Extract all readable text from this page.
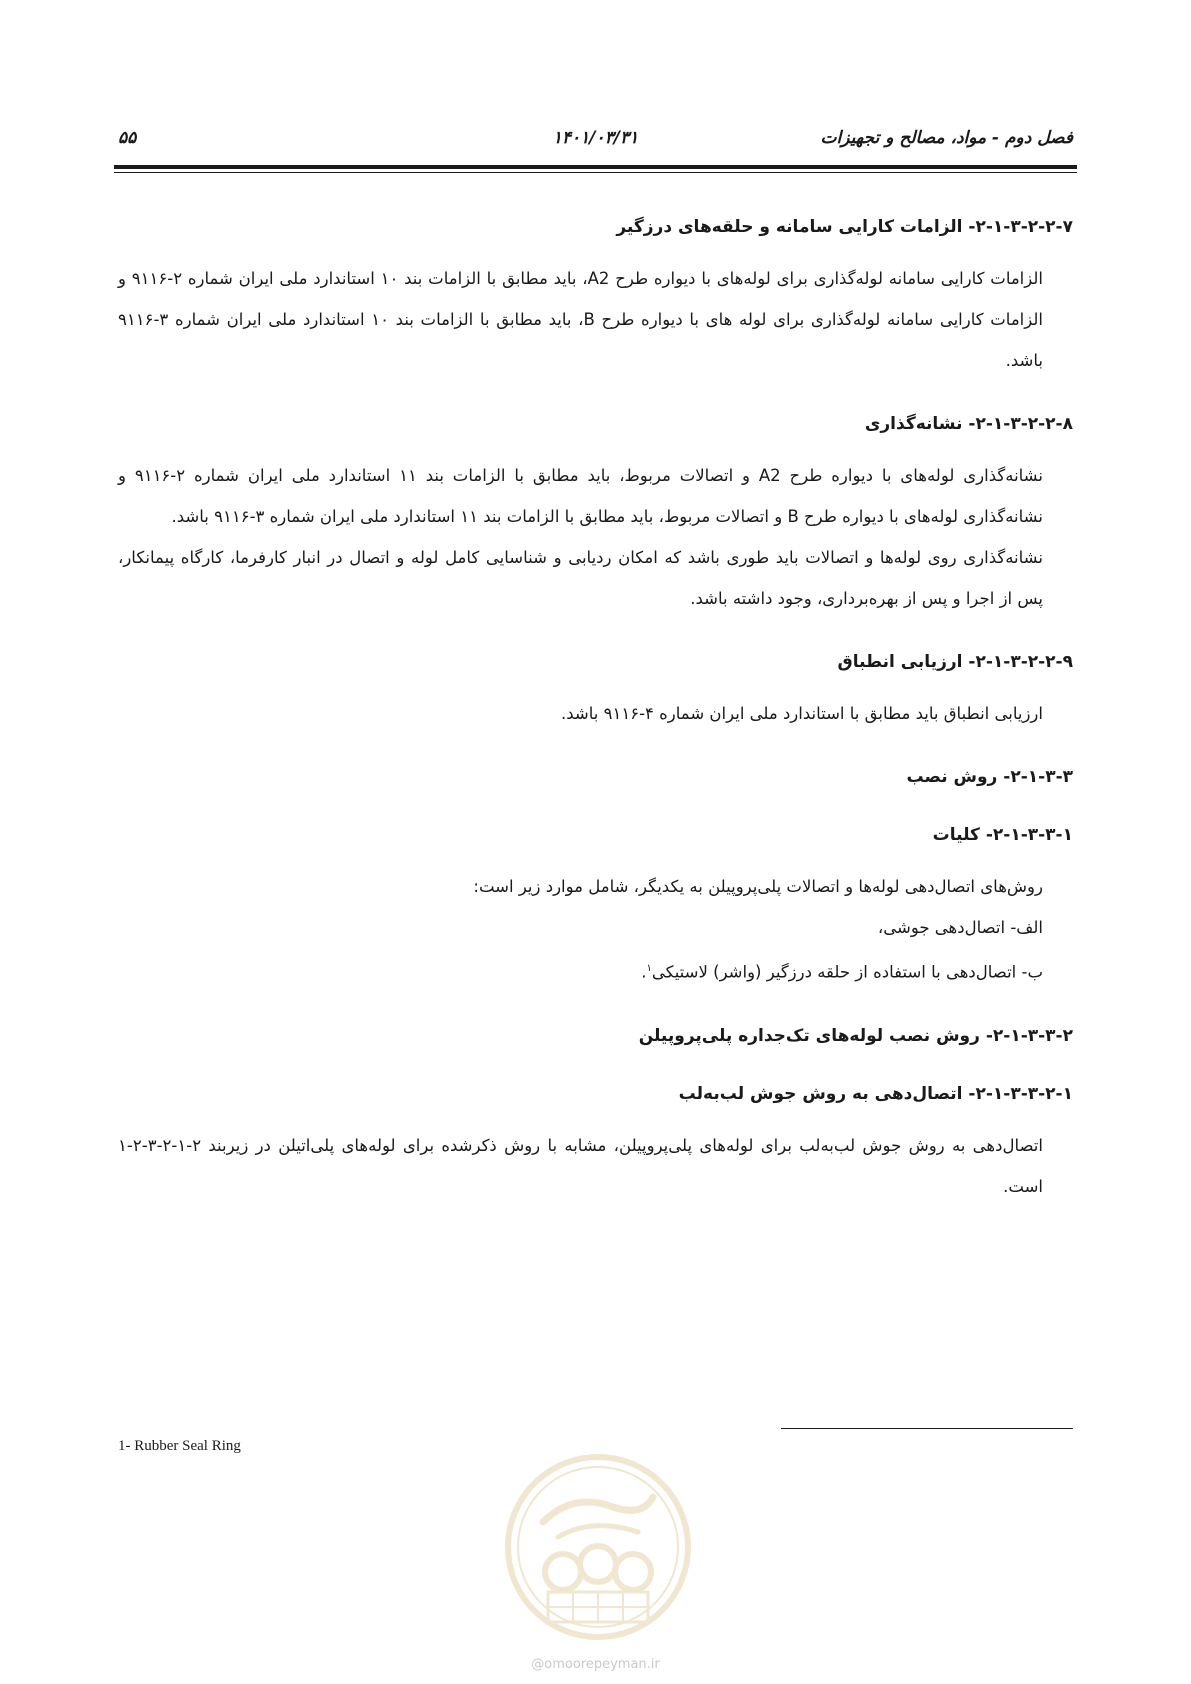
فصل دوم - مواد، مصالح و تجهیزات
۱۴۰۱/۰۳/۳۱
۵۵
۲-۱-۳-۲-۲-۷- الزامات کارایی سامانه و حلقه‌های درزگیر

الزامات کارایی سامانه لوله‌گذاری برای لوله‌های با دیواره طرح A2، باید مطابق با الزامات بند ۱۰ استاندارد ملی ایران شماره ۲-۹۱۱۶ و الزامات کارایی سامانه لوله‌گذاری برای لوله های با دیواره طرح B، باید مطابق با الزامات بند ۱۰ استاندارد ملی ایران شماره ۳-۹۱۱۶ باشد.

۲-۱-۳-۲-۲-۸- نشانه‌گذاری

نشانه‌گذاری لوله‌های با دیواره طرح A2 و اتصالات مربوط، باید مطابق با الزامات بند ۱۱ استاندارد ملی ایران شماره ۲-۹۱۱۶ و نشانه‌گذاری لوله‌های با دیواره طرح B و اتصالات مربوط، باید مطابق با الزامات بند ۱۱ استاندارد ملی ایران شماره ۳-۹۱۱۶ باشد.

نشانه‌گذاری روی لوله‌ها و اتصالات باید طوری باشد که امکان ردیابی و شناسایی کامل لوله و اتصال در انبار کارفرما، کارگاه پیمانکار، پس از اجرا و پس از بهره‌برداری، وجود داشته باشد.

۲-۱-۳-۲-۲-۹- ارزیابی انطباق

ارزیابی انطباق باید مطابق با استاندارد ملی ایران شماره ۴-۹۱۱۶ باشد.

۲-۱-۳-۳- روش نصب
۲-۱-۳-۳-۱- کلیات

روش‌های اتصال‌دهی لوله‌ها و اتصالات پلی‌پروپیلن به یکدیگر، شامل موارد زیر است:

الف- اتصال‌دهی جوشی،

ب- اتصال‌دهی با استفاده از حلقه درزگیر (واشر) لاستیکی$^۱$.

۲-۱-۳-۳-۲- روش نصب لوله‌های تک‌جداره پلی‌پروپیلن
۲-۱-۳-۳-۲-۱- اتصال‌دهی به روش جوش لب‌به‌لب

اتصال‌دهی به روش جوش لب‌به‌لب برای لوله‌های پلی‌پروپیلن، مشابه با روش ذکرشده برای لوله‌های پلی‌اتیلن در زیربند ۲-۱-۲-۳-۲-۱ است.

1- Rubber Seal Ring
@omoorepeyman.ir
